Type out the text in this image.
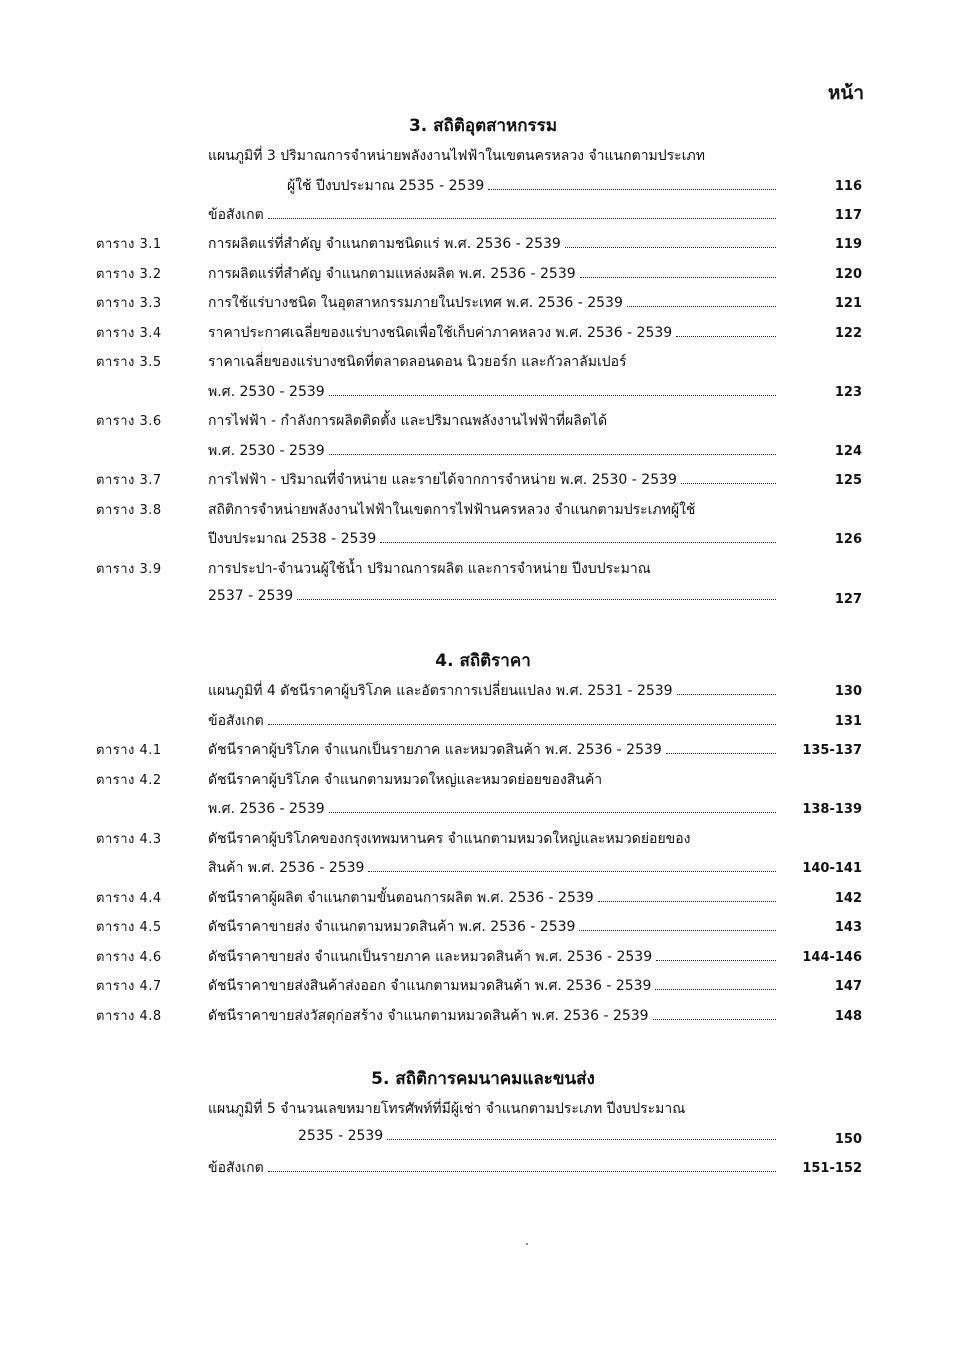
หน้า
3. สถิติอุตสาหกรรม
แผนภูมิที่ 3 ปริมาณการจำหน่ายพลังงานไฟฟ้าในเขตนครหลวง จำแนกตามประเภท
ผู้ใช้ ปีงบประมาณ 2535 - 2539	116
ข้อสังเกต	117
ตาราง 3.1	การผลิตแร่ที่สำคัญ จำแนกตามชนิดแร่ พ.ศ. 2536 - 2539	119
ตาราง 3.2	การผลิตแร่ที่สำคัญ จำแนกตามแหล่งผลิต พ.ศ. 2536 - 2539	120
ตาราง 3.3	การใช้แร่บางชนิด ในอุตสาหกรรมภายในประเทศ พ.ศ. 2536 - 2539	121
ตาราง 3.4	ราคาประกาศเฉลี่ยของแร่บางชนิดเพื่อใช้เก็บค่าภาคหลวง พ.ศ. 2536 - 2539	122
ตาราง 3.5	ราคาเฉลี่ยของแร่บางชนิดที่ตลาดลอนดอน นิวยอร์ก และกัวลาลัมเปอร์
พ.ศ. 2530 - 2539	123
ตาราง 3.6	การไฟฟ้า - กำลังการผลิตติดตั้ง และปริมาณพลังงานไฟฟ้าที่ผลิตได้
พ.ศ. 2530 - 2539	124
ตาราง 3.7	การไฟฟ้า - ปริมาณที่จำหน่าย และรายได้จากการจำหน่าย พ.ศ. 2530 - 2539	125
ตาราง 3.8	สถิติการจำหน่ายพลังงานไฟฟ้าในเขตการไฟฟ้านครหลวง จำแนกตามประเภทผู้ใช้
ปีงบประมาณ 2538 - 2539	126
ตาราง 3.9	การประปา-จำนวนผู้ใช้น้ำ ปริมาณการผลิต และการจำหน่าย ปีงบประมาณ
2537 - 2539	127
4. สถิติราคา
แผนภูมิที่ 4 ดัชนีราคาผู้บริโภค และอัตราการเปลี่ยนแปลง พ.ศ. 2531 - 2539	130
ข้อสังเกต	131
ตาราง 4.1	ดัชนีราคาผู้บริโภค จำแนกเป็นรายภาค และหมวดสินค้า พ.ศ. 2536 - 2539	135-137
ตาราง 4.2	ดัชนีราคาผู้บริโภค จำแนกตามหมวดใหญ่และหมวดย่อยของสินค้า
พ.ศ. 2536 - 2539	138-139
ตาราง 4.3	ดัชนีราคาผู้บริโภคของกรุงเทพมหานคร จำแนกตามหมวดใหญ่และหมวดย่อยของ
สินค้า พ.ศ. 2536 - 2539	140-141
ตาราง 4.4	ดัชนีราคาผู้ผลิต จำแนกตามขั้นตอนการผลิต พ.ศ. 2536 - 2539	142
ตาราง 4.5	ดัชนีราคาขายส่ง จำแนกตามหมวดสินค้า พ.ศ. 2536 - 2539	143
ตาราง 4.6	ดัชนีราคาขายส่ง จำแนกเป็นรายภาค และหมวดสินค้า พ.ศ. 2536 - 2539	144-146
ตาราง 4.7	ดัชนีราคาขายส่งสินค้าส่งออก จำแนกตามหมวดสินค้า พ.ศ. 2536 - 2539	147
ตาราง 4.8	ดัชนีราคาขายส่งวัสดุก่อสร้าง จำแนกตามหมวดสินค้า พ.ศ. 2536 - 2539	148
5. สถิติการคมนาคมและขนส่ง
แผนภูมิที่ 5 จำนวนเลขหมายโทรศัพท์ที่มีผู้เช่า จำแนกตามประเภท ปีงบประมาณ
2535 - 2539	150
ข้อสังเกต	151-152
